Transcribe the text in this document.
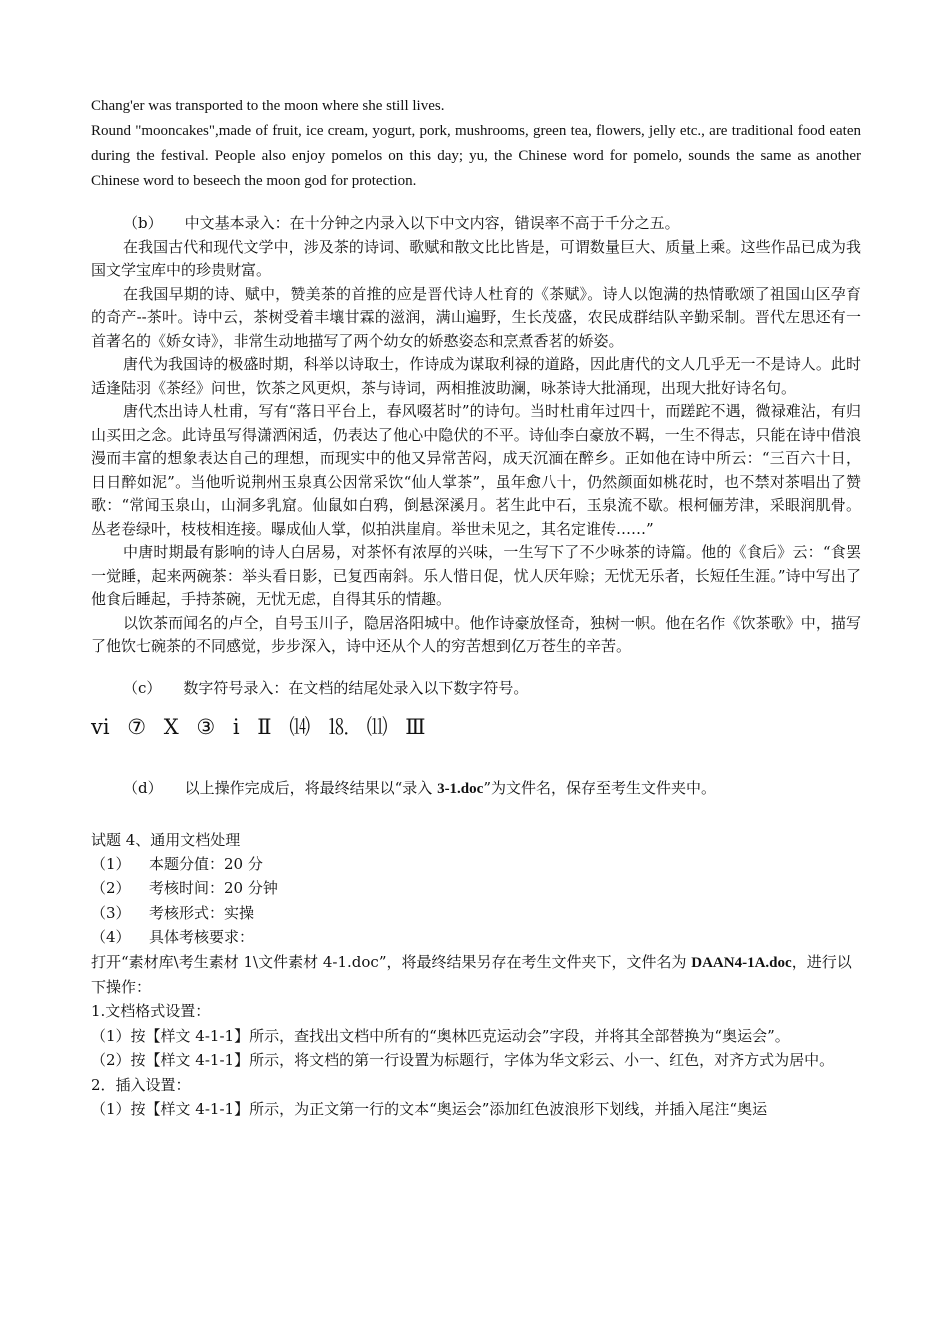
Chang'er was transported to the moon where she still lives.

Round "mooncakes",made of fruit, ice cream, yogurt, pork, mushrooms, green tea, flowers, jelly etc., are traditional food eaten during the festival. People also enjoy pomelos on this day; yu, the Chinese word for pomelo, sounds the same as another Chinese word to beseech the moon god for protection.

（b） 中文基本录入：在十分钟之内录入以下中文内容，错误率不高于千分之五。

在我国古代和现代文学中，涉及茶的诗词、歌赋和散文比比皆是，可谓数量巨大、质量上乘。这些作品已成为我国文学宝库中的珍贵财富。

在我国早期的诗、赋中，赞美茶的首推的应是晋代诗人杜育的《茶赋》。诗人以饱满的热情歌颂了祖国山区孕育的奇产--茶叶。诗中云，茶树受着丰壤甘霖的滋润，满山遍野，生长茂盛，农民成群结队辛勤采制。晋代左思还有一首著名的《娇女诗》，非常生动地描写了两个幼女的娇憨姿态和烹煮香茗的娇姿。

唐代为我国诗的极盛时期，科举以诗取士，作诗成为谋取利禄的道路，因此唐代的文人几乎无一不是诗人。此时适逢陆羽《茶经》问世，饮茶之风更炽，茶与诗词，两相推波助澜，咏茶诗大批涌现，出现大批好诗名句。

唐代杰出诗人杜甫，写有“落日平台上，春风啜茗时”的诗句。当时杜甫年过四十，而蹉跎不遇，微禄难沾，有归山买田之念。此诗虽写得潇洒闲适，仍表达了他心中隐伏的不平。诗仙李白豪放不羁，一生不得志，只能在诗中借浪漫而丰富的想象表达自己的理想，而现实中的他又异常苦闷，成天沉湎在醉乡。正如他在诗中所云：“三百六十日，日日醉如泥”。当他听说荆州玉泉真公因常采饮“仙人掌茶”，虽年愈八十，仍然颜面如桃花时，也不禁对茶唱出了赞歌：“常闻玉泉山，山洞多乳窟。仙鼠如白鸦，倒悬深溪月。茗生此中石，玉泉流不歇。根柯俪芳津，采眼润肌骨。丛老卷绿叶，枝枝相连接。曝成仙人掌，似拍洪崖肩。举世未见之，其名定谁传……”

中唐时期最有影响的诗人白居易，对茶怀有浓厚的兴味，一生写下了不少咏茶的诗篇。他的《食后》云：“食罢一觉睡，起来两碗茶：举头看日影，已复西南斜。乐人惜日促，忧人厌年赊；无忧无乐者，长短任生涯。”诗中写出了他食后睡起，手持茶碗，无忧无虑，自得其乐的情趣。

以饮茶而闻名的卢仝，自号玉川子，隐居洛阳城中。他作诗豪放怪奇，独树一帜。他在名作《饮茶歌》中，描写了他饮七碗茶的不同感觉，步步深入，诗中还从个人的穷苦想到亿万苍生的辛苦。

（c） 数字符号录入：在文档的结尾处录入以下数字符号。

ⅵ ⑦ Ⅹ ③ ⅰ Ⅱ ⒁ ⒙ ⑾ Ⅲ

（d） 以上操作完成后，将最终结果以“录入 3-1.doc”为文件名，保存至考生文件夹中。

试题 4、通用文档处理

（1） 本题分值：20 分

（2） 考核时间：20 分钟

（3） 考核形式：实操

（4） 具体考核要求：

打开“素材库\考生素材 1\文件素材 4-1.doc”，将最终结果另存在考生文件夹下，文件名为 DAAN4-1A.doc，进行以下操作：

1.文档格式设置：

（1）按【样文 4-1-1】所示，查找出文档中所有的“奥林匹克运动会”字段，并将其全部替换为“奥运会”。

（2）按【样文 4-1-1】所示，将文档的第一行设置为标题行，字体为华文彩云、小一、红色，对齐方式为居中。

2．插入设置：

（1）按【样文 4-1-1】所示，为正文第一行的文本“奥运会”添加红色波浪形下划线，并插入尾注“奥运
